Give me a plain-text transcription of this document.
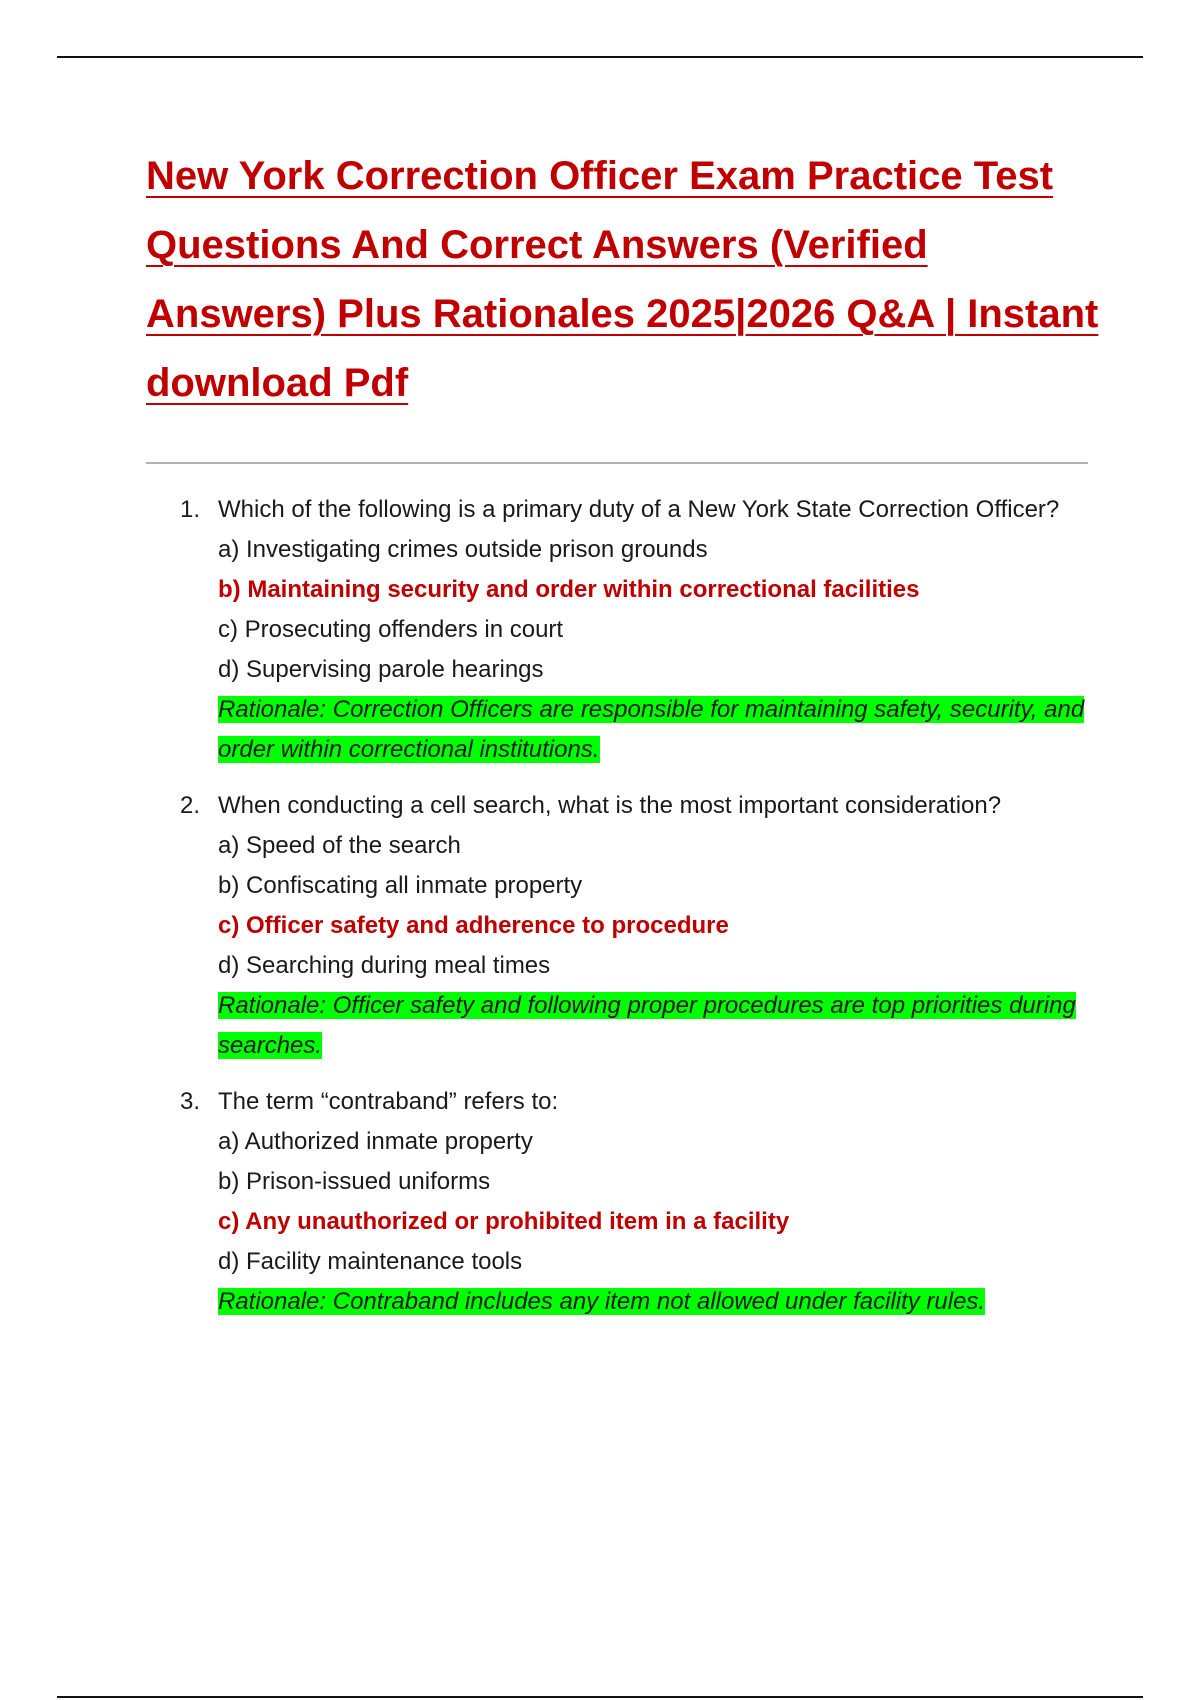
New York Correction Officer Exam Practice Test Questions And Correct Answers (Verified Answers) Plus Rationales 2025|2026 Q&A | Instant download Pdf
1. Which of the following is a primary duty of a New York State Correction Officer?
a) Investigating crimes outside prison grounds
b) Maintaining security and order within correctional facilities
c) Prosecuting offenders in court
d) Supervising parole hearings
Rationale: Correction Officers are responsible for maintaining safety, security, and order within correctional institutions.
2. When conducting a cell search, what is the most important consideration?
a) Speed of the search
b) Confiscating all inmate property
c) Officer safety and adherence to procedure
d) Searching during meal times
Rationale: Officer safety and following proper procedures are top priorities during searches.
3. The term “contraband” refers to:
a) Authorized inmate property
b) Prison-issued uniforms
c) Any unauthorized or prohibited item in a facility
d) Facility maintenance tools
Rationale: Contraband includes any item not allowed under facility rules.
